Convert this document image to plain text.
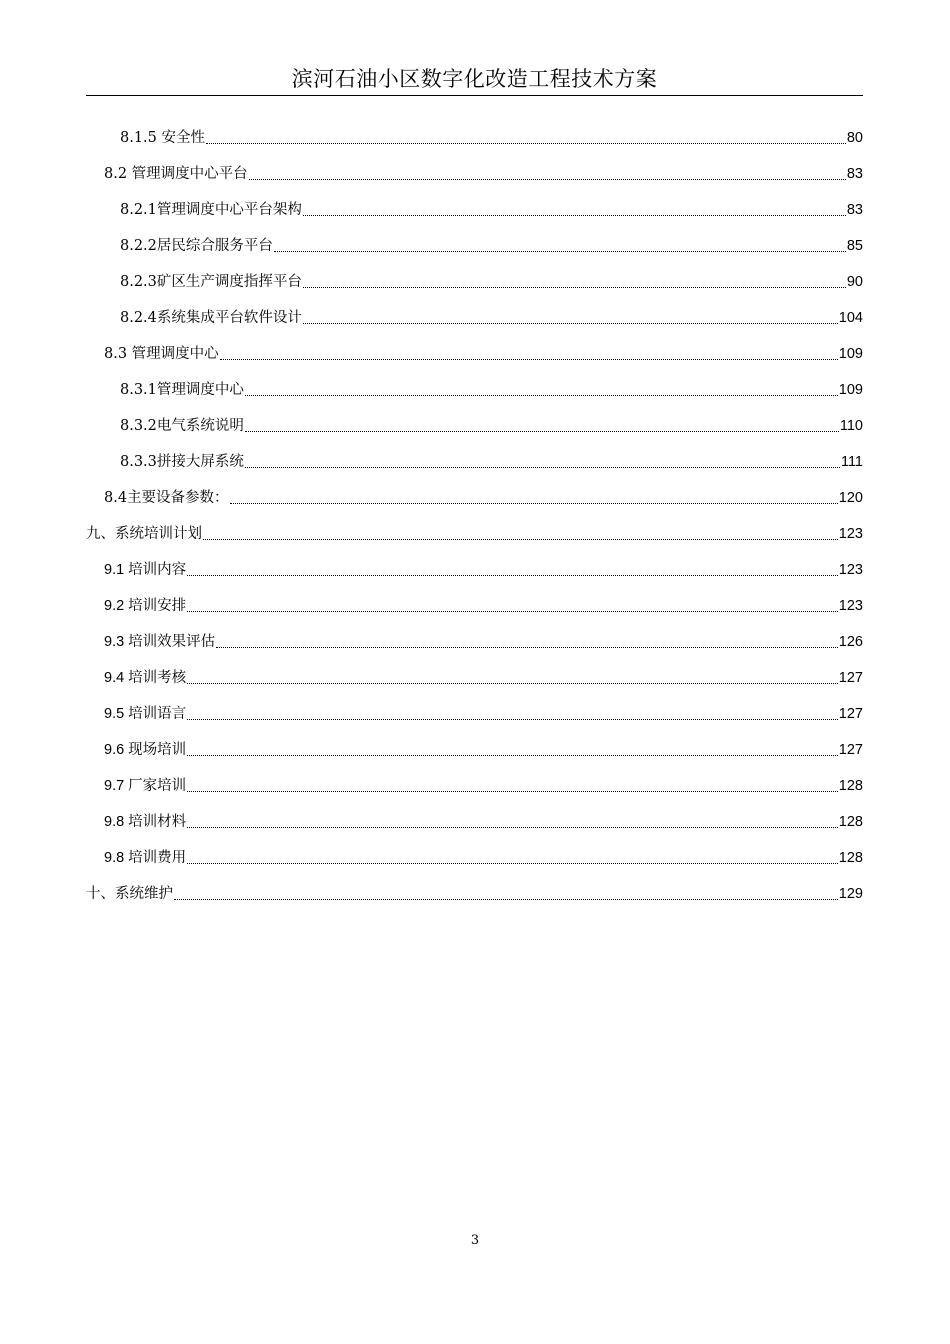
滨河石油小区数字化改造工程技术方案
8.1.5 安全性	80
8.2 管理调度中心平台	83
8.2.1管理调度中心平台架构	83
8.2.2居民综合服务平台	85
8.2.3矿区生产调度指挥平台	90
8.2.4系统集成平台软件设计	104
8.3 管理调度中心	109
8.3.1管理调度中心	109
8.3.2电气系统说明	110
8.3.3拼接大屏系统	111
8.4主要设备参数：	120
九、系统培训计划	123
9.1 培训内容	123
9.2 培训安排	123
9.3 培训效果评估	126
9.4 培训考核	127
9.5 培训语言	127
9.6 现场培训	127
9.7 厂家培训	128
9.8 培训材料	128
9.8 培训费用	128
十、系统维护	129
3
